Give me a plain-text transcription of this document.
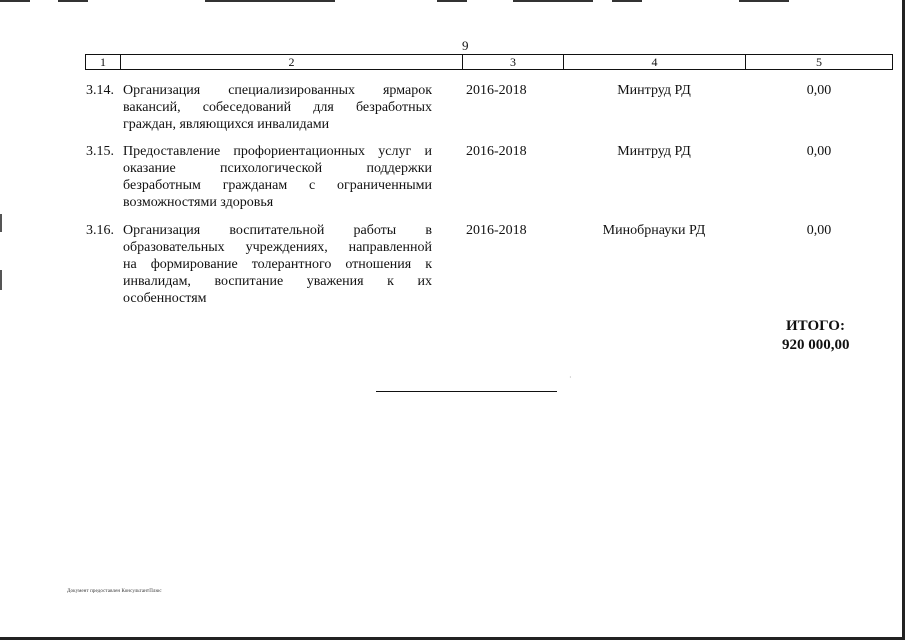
9
1	2	3	4	5
3.14. Организация специализированных ярмарок
вакансий, собеседований для безработных
граждан, являющихся инвалидами
2016-2018	Минтруд РД	0,00
3.15. Предоставление профориентационных услуг и
оказание психологической поддержки
безработным гражданам с ограниченными
возможностями здоровья
2016-2018	Минтруд РД	0,00
3.16. Организация воспитательной работы в
образовательных учреждениях, направленной
на формирование толерантного отношения к
инвалидам, воспитание уважения к их
особенностям
2016-2018	Минобрнауки РД	0,00
ИТОГО:
920 000,00
·
Документ предоставлен КонсультантПлюс
